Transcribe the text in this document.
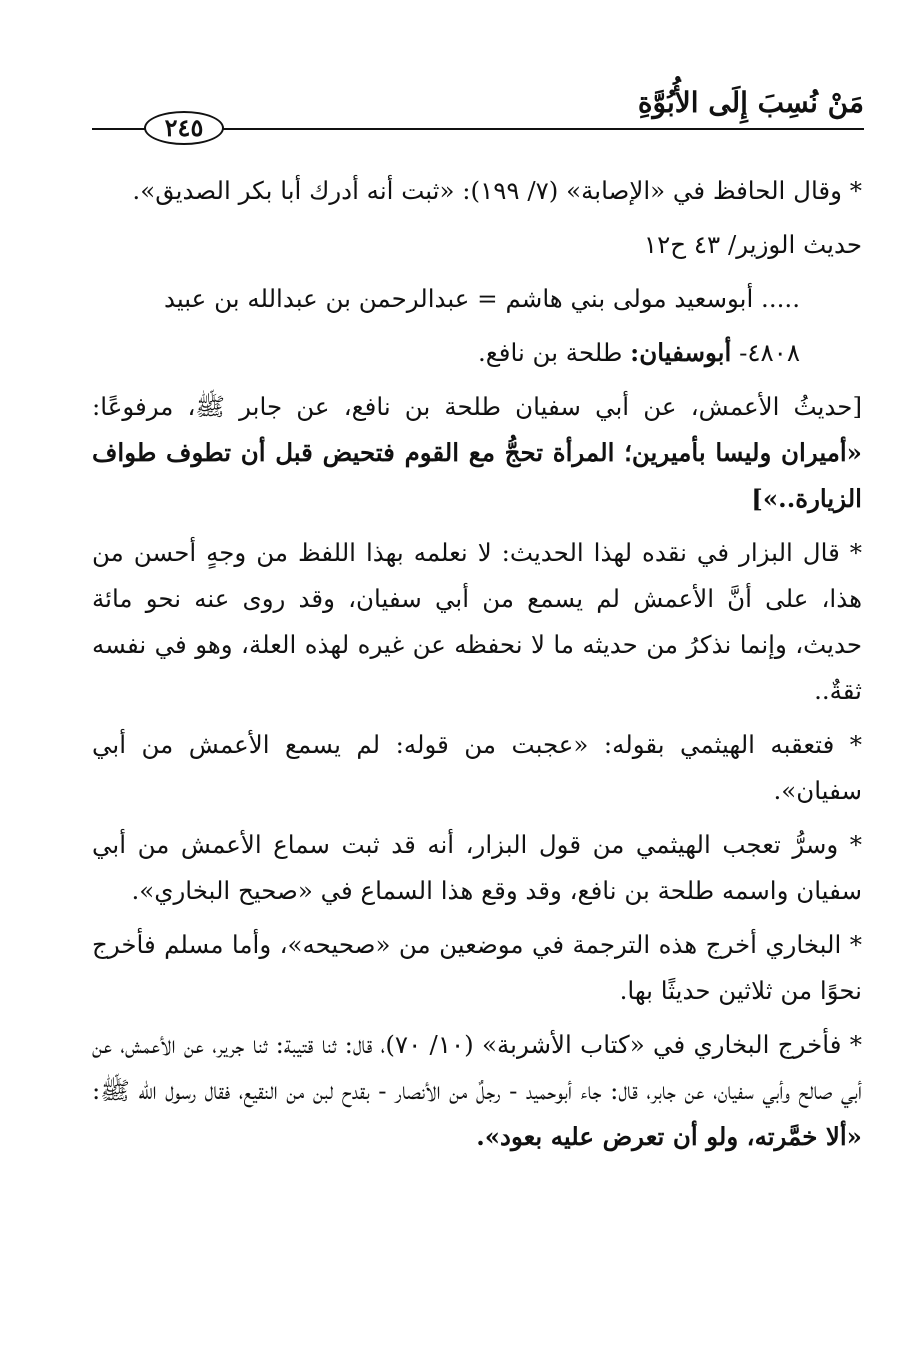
مَنْ نُسِبَ إِلَى الأُبُوَّةِ
٢٤٥

* وقال الحافظ في «الإصابة» (٧/ ١٩٩): «ثبت أنه أدرك أبا بكر الصديق».

حديث الوزير/ ٤٣ ح١٢

..... أبوسعيد مولى بني هاشم = عبدالرحمن بن عبدالله بن عبيد

٤٨٠٨- أبوسفيان: طلحة بن نافع.

[حديثُ الأعمش، عن أبي سفيان طلحة بن نافع، عن جابر ﷺ، مرفوعًا: «أميران وليسا بأميرين؛ المرأة تحجُّ مع القوم فتحيض قبل أن تطوف طواف الزيارة..»]

* قال البزار في نقده لهذا الحديث: لا نعلمه بهذا اللفظ من وجهٍ أحسن من هذا، على أنَّ الأعمش لم يسمع من أبي سفيان، وقد روى عنه نحو مائة حديث، وإنما نذكرُ من حديثه ما لا نحفظه عن غيره لهذه العلة، وهو في نفسه ثقةٌ..

* فتعقبه الهيثمي بقوله: «عجبت من قوله: لم يسمع الأعمش من أبي سفيان».

* وسرُّ تعجب الهيثمي من قول البزار، أنه قد ثبت سماع الأعمش من أبي سفيان واسمه طلحة بن نافع، وقد وقع هذا السماع في «صحيح البخاري».

* البخاري أخرج هذه الترجمة في موضعين من «صحيحه»، وأما مسلم فأخرج نحوًا من ثلاثين حديثًا بها.

* فأخرج البخاري في «كتاب الأشربة» (١٠/ ٧٠)، قال: ثنا قتيبة: ثنا جرير، عن الأعمش، عن أبي صالح وأبي سفيان، عن جابر، قال: جاء أبوحميد - رجلٌ من الأنصار - بقدح لبن من النقيع، فقال رسول الله ﷺ: «ألا خمَّرته، ولو أن تعرض عليه بعود».
